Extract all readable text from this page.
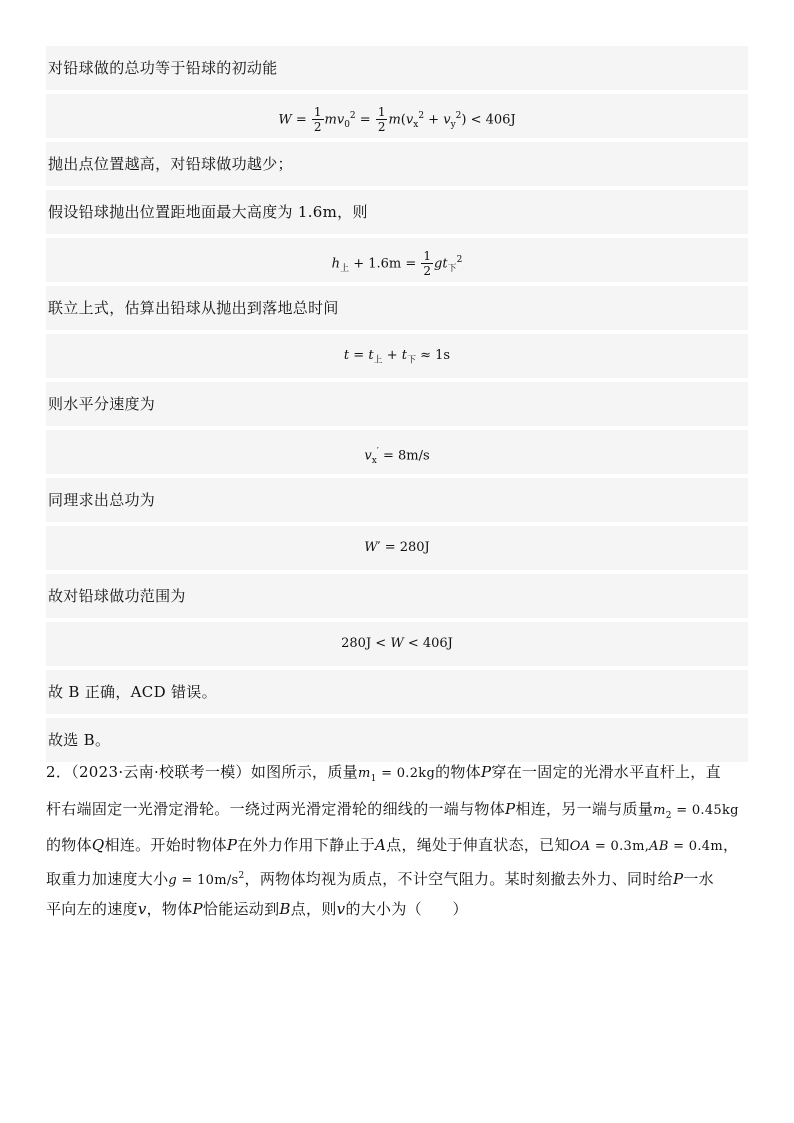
对铅球做的总功等于铅球的初动能
$W = \frac{1}{2} mv_0^2 = \frac{1}{2} m(v_x^2 + v_y^2) < 406J$
抛出点位置越高，对铅球做功越少；
假设铅球抛出位置距地面最大高度为 1.6m，则
$h_上 + 1.6m = \frac{1}{2} gt_下^2$
联立上式，估算出铅球从抛出到落地总时间
$t = t_上 + t_下 \approx 1s$
则水平分速度为
$v_x' = 8m/s$
同理求出总功为
W′ = 280J
故对铅球做功范围为
280J < W < 406J
故 B 正确，ACD 错误。
故选 B。
2．（2023·云南·校联考一模）如图所示，质量$m_1 = 0.2kg$的物体P穿在一固定的光滑水平直杆上，直
杆右端固定一光滑定滑轮。一绕过两光滑定滑轮的细线的一端与物体P相连，另一端与质量$m_2 = 0.45kg$
的物体Q相连。开始时物体P在外力作用下静止于A点，绳处于伸直状态，已知OA = 0.3m,AB = 0.4m，
取重力加速度大小$g = 10m/s^2$，两物体均视为质点，不计空气阻力。某时刻撤去外力、同时给P一水
平向左的速度v，物体P恰能运动到B点，则v的大小为（　　）
